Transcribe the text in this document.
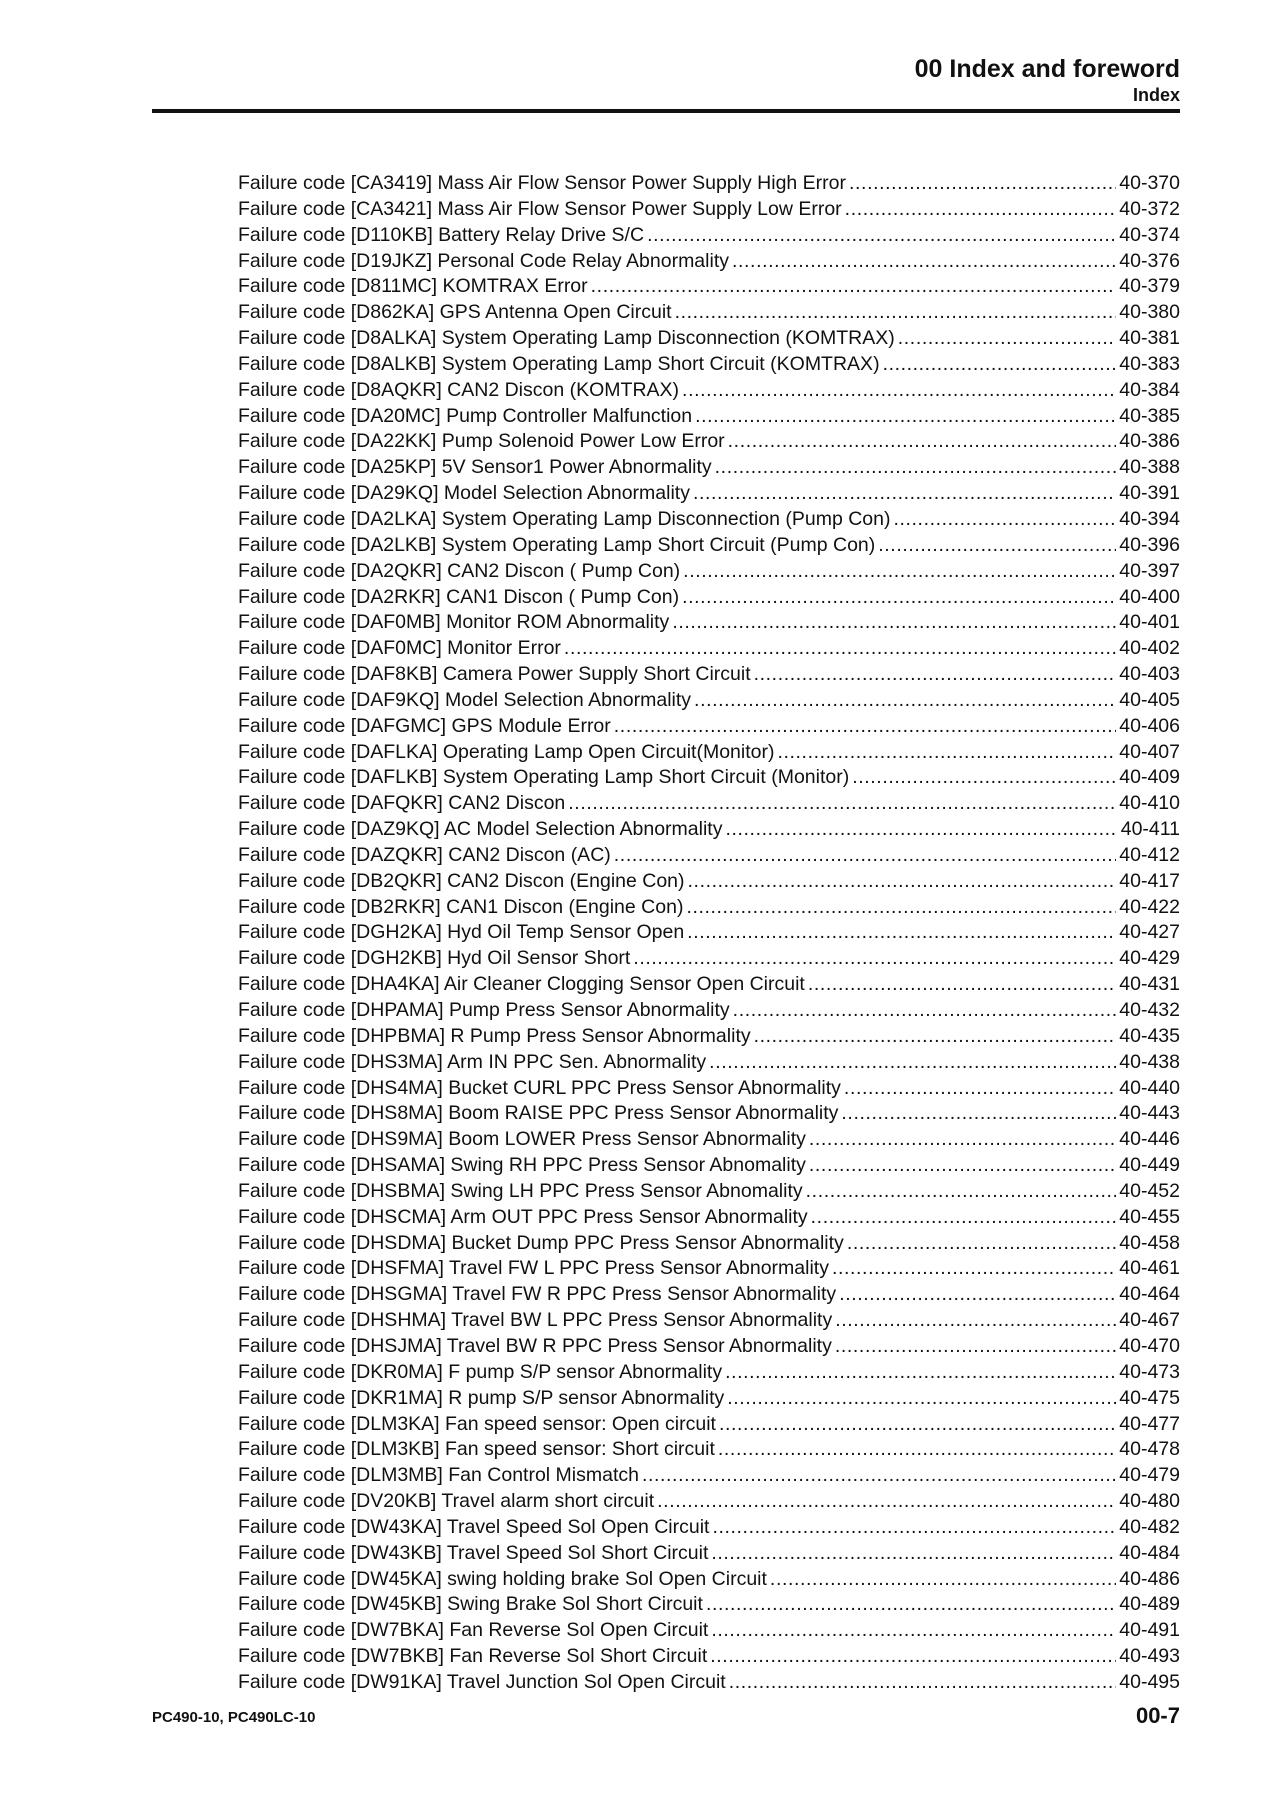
00 Index and foreword
Index
Failure code [CA3419] Mass Air Flow Sensor Power Supply High Error .....	40-370
Failure code [CA3421] Mass Air Flow Sensor Power Supply Low Error .....	40-372
Failure code [D110KB] Battery Relay Drive S/C .....	40-374
Failure code [D19JKZ] Personal Code Relay Abnormality .....	40-376
Failure code [D811MC] KOMTRAX Error .....	40-379
Failure code [D862KA] GPS Antenna Open Circuit .....	40-380
Failure code [D8ALKA] System Operating Lamp Disconnection (KOMTRAX) .....	40-381
Failure code [D8ALKB] System Operating Lamp Short Circuit (KOMTRAX) .....	40-383
Failure code [D8AQKR] CAN2 Discon (KOMTRAX) .....	40-384
Failure code [DA20MC] Pump Controller Malfunction .....	40-385
Failure code [DA22KK] Pump Solenoid Power Low Error .....	40-386
Failure code [DA25KP] 5V Sensor1 Power Abnormality .....	40-388
Failure code [DA29KQ] Model Selection Abnormality .....	40-391
Failure code [DA2LKA] System Operating Lamp Disconnection (Pump Con) .....	40-394
Failure code [DA2LKB] System Operating Lamp Short Circuit (Pump Con) .....	40-396
Failure code [DA2QKR] CAN2 Discon ( Pump Con) .....	40-397
Failure code [DA2RKR] CAN1 Discon ( Pump Con) .....	40-400
Failure code [DAF0MB] Monitor ROM Abnormality .....	40-401
Failure code [DAF0MC] Monitor Error .....	40-402
Failure code [DAF8KB] Camera Power Supply Short Circuit .....	40-403
Failure code [DAF9KQ] Model Selection Abnormality .....	40-405
Failure code [DAFGMC] GPS Module Error .....	40-406
Failure code [DAFLKA] Operating Lamp Open Circuit(Monitor) .....	40-407
Failure code [DAFLKB] System Operating Lamp Short Circuit (Monitor) .....	40-409
Failure code [DAFQKR] CAN2 Discon .....	40-410
Failure code [DAZ9KQ] AC Model Selection Abnormality .....	40-411
Failure code [DAZQKR] CAN2 Discon (AC) .....	40-412
Failure code [DB2QKR] CAN2 Discon (Engine Con) .....	40-417
Failure code [DB2RKR] CAN1 Discon (Engine Con) .....	40-422
Failure code [DGH2KA] Hyd Oil Temp Sensor Open .....	40-427
Failure code [DGH2KB] Hyd Oil Sensor Short .....	40-429
Failure code [DHA4KA] Air Cleaner Clogging Sensor Open Circuit .....	40-431
Failure code [DHPAMA] Pump Press Sensor Abnormality .....	40-432
Failure code [DHPBMA] R Pump Press Sensor Abnormality .....	40-435
Failure code [DHS3MA] Arm IN PPC Sen. Abnormality .....	40-438
Failure code [DHS4MA] Bucket CURL PPC Press Sensor Abnormality .....	40-440
Failure code [DHS8MA] Boom RAISE PPC Press Sensor Abnormality .....	40-443
Failure code [DHS9MA] Boom LOWER Press Sensor Abnormality .....	40-446
Failure code [DHSAMA] Swing RH PPC Press Sensor Abnomality .....	40-449
Failure code [DHSBMA] Swing LH PPC Press Sensor Abnomality .....	40-452
Failure code [DHSCMA] Arm OUT PPC Press Sensor Abnormality .....	40-455
Failure code [DHSDMA] Bucket Dump PPC Press Sensor Abnormality .....	40-458
Failure code [DHSFMA] Travel FW L PPC Press Sensor Abnormality .....	40-461
Failure code [DHSGMA] Travel FW R PPC Press Sensor Abnormality .....	40-464
Failure code [DHSHMA] Travel BW L PPC Press Sensor Abnormality .....	40-467
Failure code [DHSJMA] Travel BW R PPC Press Sensor Abnormality .....	40-470
Failure code [DKR0MA] F pump S/P sensor Abnormality .....	40-473
Failure code [DKR1MA] R pump S/P sensor Abnormality .....	40-475
Failure code [DLM3KA] Fan speed sensor: Open circuit .....	40-477
Failure code [DLM3KB] Fan speed sensor: Short circuit .....	40-478
Failure code [DLM3MB] Fan Control Mismatch .....	40-479
Failure code [DV20KB] Travel alarm short circuit .....	40-480
Failure code [DW43KA] Travel Speed Sol Open Circuit .....	40-482
Failure code [DW43KB] Travel Speed Sol Short Circuit .....	40-484
Failure code [DW45KA] swing holding brake Sol Open Circuit .....	40-486
Failure code [DW45KB] Swing Brake Sol Short Circuit .....	40-489
Failure code [DW7BKA] Fan Reverse Sol Open Circuit .....	40-491
Failure code [DW7BKB] Fan Reverse Sol Short Circuit .....	40-493
Failure code [DW91KA] Travel Junction Sol Open Circuit .....	40-495
PC490-10, PC490LC-10	00-7
